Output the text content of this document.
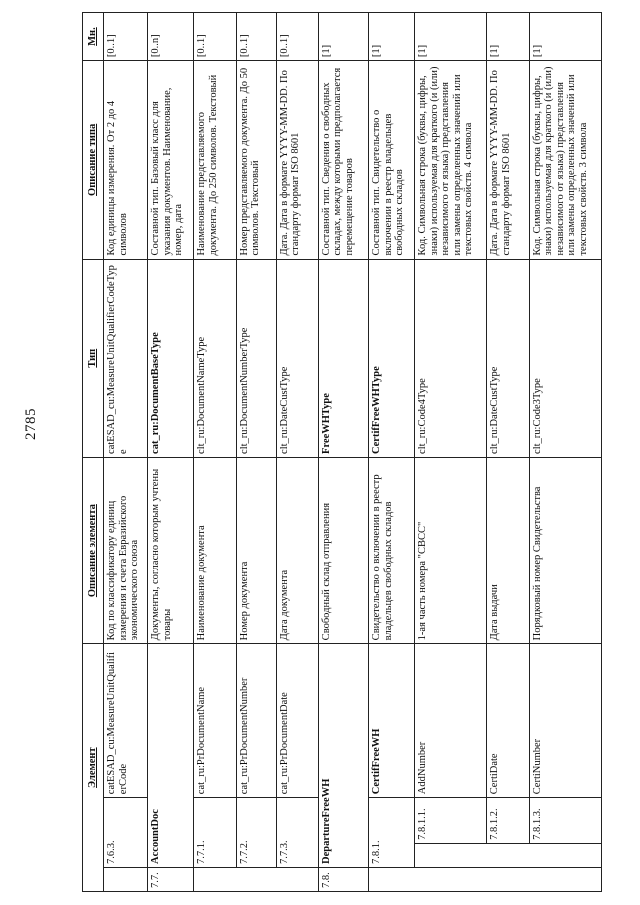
2785
Элемент				Описание элемента	Тип	Описание типа	Мн.
	7.6.3.		catESAD_cu:MeasureUnitQualifierCode	Код по классификатору единиц измерения и счета Евразийского экономического союза	catESAD_cu:MeasureUnitQualifierCodeType	Код единицы измерения. От 2 до 4 символов	[0..1]
7.7.	AccountDoc			Документы, согласно которым учтены товары	cat_ru:DocumentBaseType	Составной тип. Базовый класс для указания документов. Наименование, номер, дата	[0..n]
	7.7.1.		cat_ru:PrDocumentName	Наименование документа	clt_ru:DocumentNameType	Наименование представляемого документа. До 250 символов. Текстовый	[0..1]
	7.7.2.		cat_ru:PrDocumentNumber	Номер документа	clt_ru:DocumentNumberType	Номер представляемого документа. До 50 символов. Текстовый	[0..1]
	7.7.3.		cat_ru:PrDocumentDate	Дата документа	clt_ru:DateCustType	Дата. Дата в формате YYYY-MM-DD. По стандарту формат ISO 8601	[0..1]
7.8.	DepartureFreeWH			Свободный склад отправления	FreeWHType	Составной тип. Сведения о свободных складах, между которыми предполагается перемещение товаров	[1]
	7.8.1.		CertifFreeWH	Свидетельство о включении в реестр владельцев свободных складов	CertifFreeWHType	Составной тип. Свидетельство о включении в реестр владельцев свободных складов	[1]
		7.8.1.1.	AddNumber	1-ая часть номера "СВСС"	clt_ru:Code4Type	Код. Символьная строка (буквы, цифры, знаки) используемая для краткого (и (или) независимого от языка) представления или замены определенных значений или текстовых свойств. 4 символа	[1]
		7.8.1.2.	CertiDate	Дата выдачи	clt_ru:DateCustType	Дата. Дата в формате YYYY-MM-DD. По стандарту формат ISO 8601	[1]
		7.8.1.3.	CertiNumber	Порядковый номер Свидетельства	clt_ru:Code3Type	Код. Символьная строка (буквы, цифры, знаки) используемая для краткого (и (или) независимого от языка) представления или замены определенных значений или текстовых свойств. 3 символа	[1]
